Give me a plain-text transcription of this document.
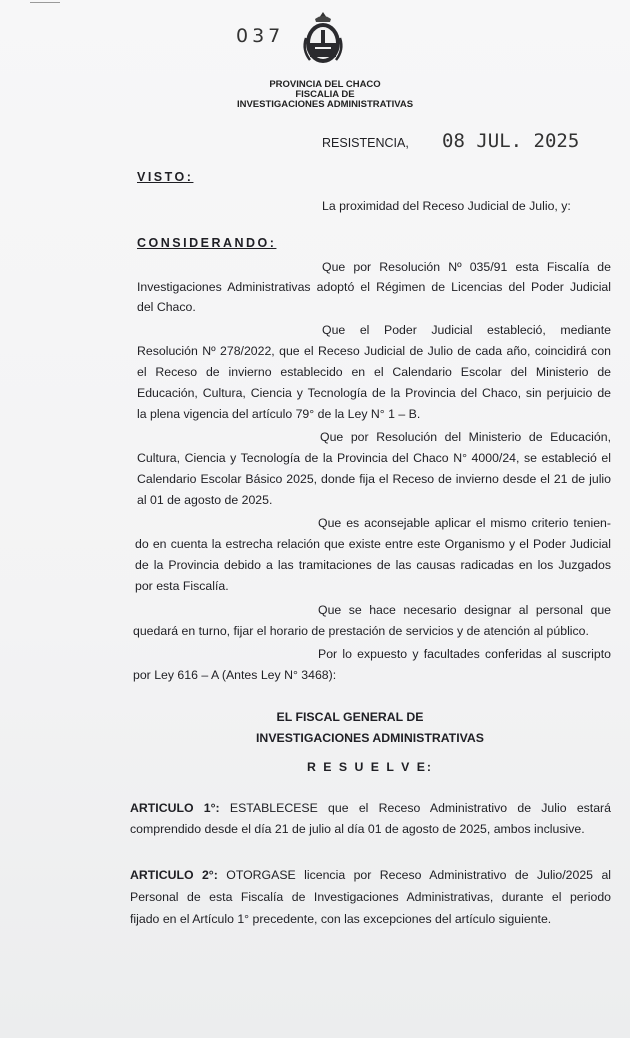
037
PROVINCIA DEL CHACO
FISCALIA DE
INVESTIGACIONES ADMINISTRATIVAS
RESISTENCIA, 08 JUL. 2025
VISTO:
La proximidad del Receso Judicial de Julio, y:
CONSIDERANDO:
Que por Resolución Nº 035/91 esta Fiscalía de
Investigaciones Administrativas adoptó el Régimen de Licencias del Poder Judicial
del Chaco.
Que el Poder Judicial estableció, mediante
Resolución Nº 278/2022, que el Receso Judicial de Julio de cada año, coincidirá con
el Receso de invierno establecido en el Calendario Escolar del Ministerio de
Educación, Cultura, Ciencia y Tecnología de la Provincia del Chaco, sin perjuicio de
la plena vigencia del artículo 79° de la Ley N° 1 – B.
Que por Resolución del Ministerio de Educación,
Cultura, Ciencia y Tecnología de la Provincia del Chaco N° 4000/24, se estableció el
Calendario Escolar Básico 2025, donde fija el Receso de invierno desde el 21 de julio
al 01 de agosto de 2025.
Que es aconsejable aplicar el mismo criterio tenien-
do en cuenta la estrecha relación que existe entre este Organismo y el Poder Judicial
de la Provincia debido a las tramitaciones de las causas radicadas en los Juzgados
por esta Fiscalía.
Que se hace necesario designar al personal que
quedará en turno, fijar el horario de prestación de servicios y de atención al público.
Por lo expuesto y facultades conferidas al suscripto
por Ley 616 – A (Antes Ley N° 3468):
EL FISCAL GENERAL DE
INVESTIGACIONES ADMINISTRATIVAS
R E S U E L V E:
ARTICULO 1°: ESTABLECESE que el Receso Administrativo de Julio estará
comprendido desde el día 21 de julio al día 01 de agosto de 2025, ambos inclusive.
ARTICULO 2°: OTORGASE licencia por Receso Administrativo de Julio/2025 al
Personal de esta Fiscalía de Investigaciones Administrativas, durante el periodo
fijado en el Artículo 1° precedente, con las excepciones del artículo siguiente.
